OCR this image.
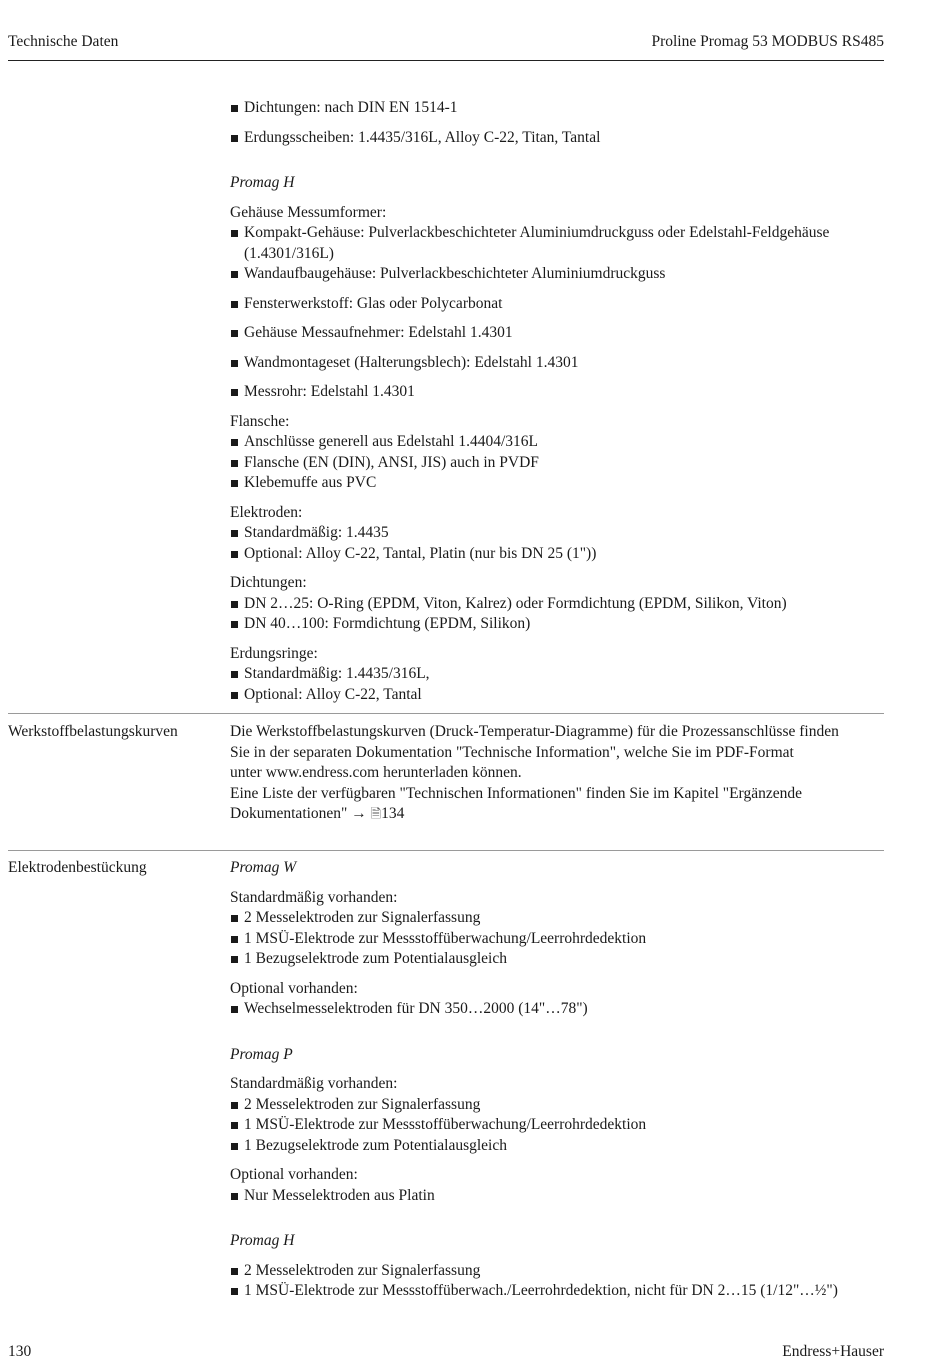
Technische Daten	Proline Promag 53 MODBUS RS485
Dichtungen: nach DIN EN 1514-1
Erdungsscheiben: 1.4435/316L, Alloy C-22, Titan, Tantal
Promag H
Gehäuse Messumformer:
Kompakt-Gehäuse: Pulverlackbeschichteter Aluminiumdruckguss oder Edelstahl-Feldgehäuse
(1.4301/316L)
Wandaufbaugehäuse: Pulverlackbeschichteter Aluminiumdruckguss
Fensterwerkstoff: Glas oder Polycarbonat
Gehäuse Messaufnehmer: Edelstahl 1.4301
Wandmontageset (Halterungsblech): Edelstahl 1.4301
Messrohr: Edelstahl 1.4301
Flansche:
Anschlüsse generell aus Edelstahl 1.4404/316L
Flansche (EN (DIN), ANSI, JIS) auch in PVDF
Klebemuffe aus PVC
Elektroden:
Standardmäßig: 1.4435
Optional: Alloy C-22, Tantal, Platin (nur bis DN 25 (1"))
Dichtungen:
DN 2…25: O-Ring (EPDM, Viton, Kalrez) oder Formdichtung (EPDM, Silikon, Viton)
DN 40…100: Formdichtung (EPDM, Silikon)
Erdungsringe:
Standardmäßig: 1.4435/316L,
Optional: Alloy C-22, Tantal
Werkstoffbelastungskurven	Die Werkstoffbelastungskurven (Druck-Temperatur-Diagramme) für die Prozessanschlüsse finden
Sie in der separaten Dokumentation "Technische Information", welche Sie im PDF-Format
unter www.endress.com herunterladen können.
Eine Liste der verfügbaren "Technischen Informationen" finden Sie im Kapitel "Ergänzende
Dokumentationen" → 🗎134
Elektrodenbestückung	Promag W
Standardmäßig vorhanden:
2 Messelektroden zur Signalerfassung
1 MSÜ-Elektrode zur Messstoffüberwachung/Leerrohrdedektion
1 Bezugselektrode zum Potentialausgleich
Optional vorhanden:
Wechselmesselektroden für DN 350…2000 (14"…78")
Promag P
Standardmäßig vorhanden:
2 Messelektroden zur Signalerfassung
1 MSÜ-Elektrode zur Messstoffüberwachung/Leerrohrdedektion
1 Bezugselektrode zum Potentialausgleich
Optional vorhanden:
Nur Messelektroden aus Platin
Promag H
2 Messelektroden zur Signalerfassung
1 MSÜ-Elektrode zur Messstoffüberwach./Leerrohrdedektion, nicht für DN 2…15 (1/12"…½")
130	Endress+Hauser
